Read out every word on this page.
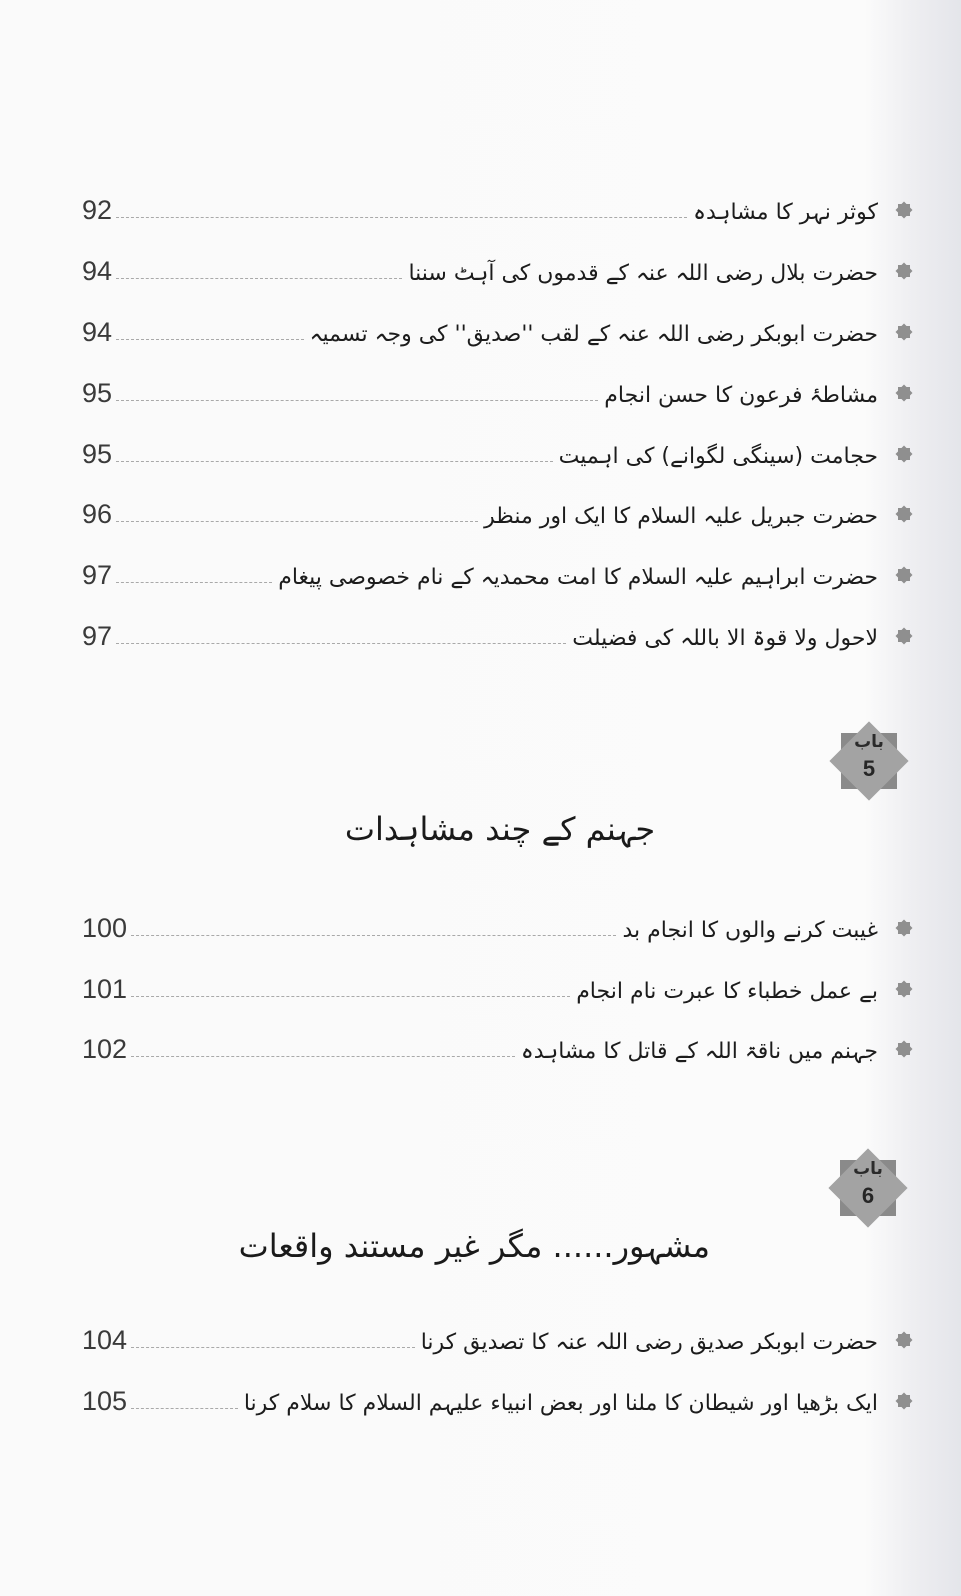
92	کوثر نہر کا مشاہدہ
94	حضرت بلال رضی اللہ عنہ کے قدموں کی آہٹ سننا
94	حضرت ابوبکر رضی اللہ عنہ کے لقب ''صدیق'' کی وجہ تسمیہ
95	مشاطۂ فرعون کا حسن انجام
95	حجامت (سینگی لگوانے) کی اہمیت
96	حضرت جبریل علیہ السلام کا ایک اور منظر
97	حضرت ابراہیم علیہ السلام کا امت محمدیہ کے نام خصوصی پیغام
97	لاحول ولا قوۃ الا باللہ کی فضیلت
باب
5
جہنم کے چند مشاہدات
100	غیبت کرنے والوں کا انجام بد
101	بے عمل خطباء کا عبرت نام انجام
102	جہنم میں ناقۃ اللہ کے قاتل کا مشاہدہ
باب
6
مشہور...... مگر غیر مستند واقعات
104	حضرت ابوبکر صدیق رضی اللہ عنہ کا تصدیق کرنا
105	ایک بڑھیا اور شیطان کا ملنا اور بعض انبیاء علیہم السلام کا سلام کرنا
